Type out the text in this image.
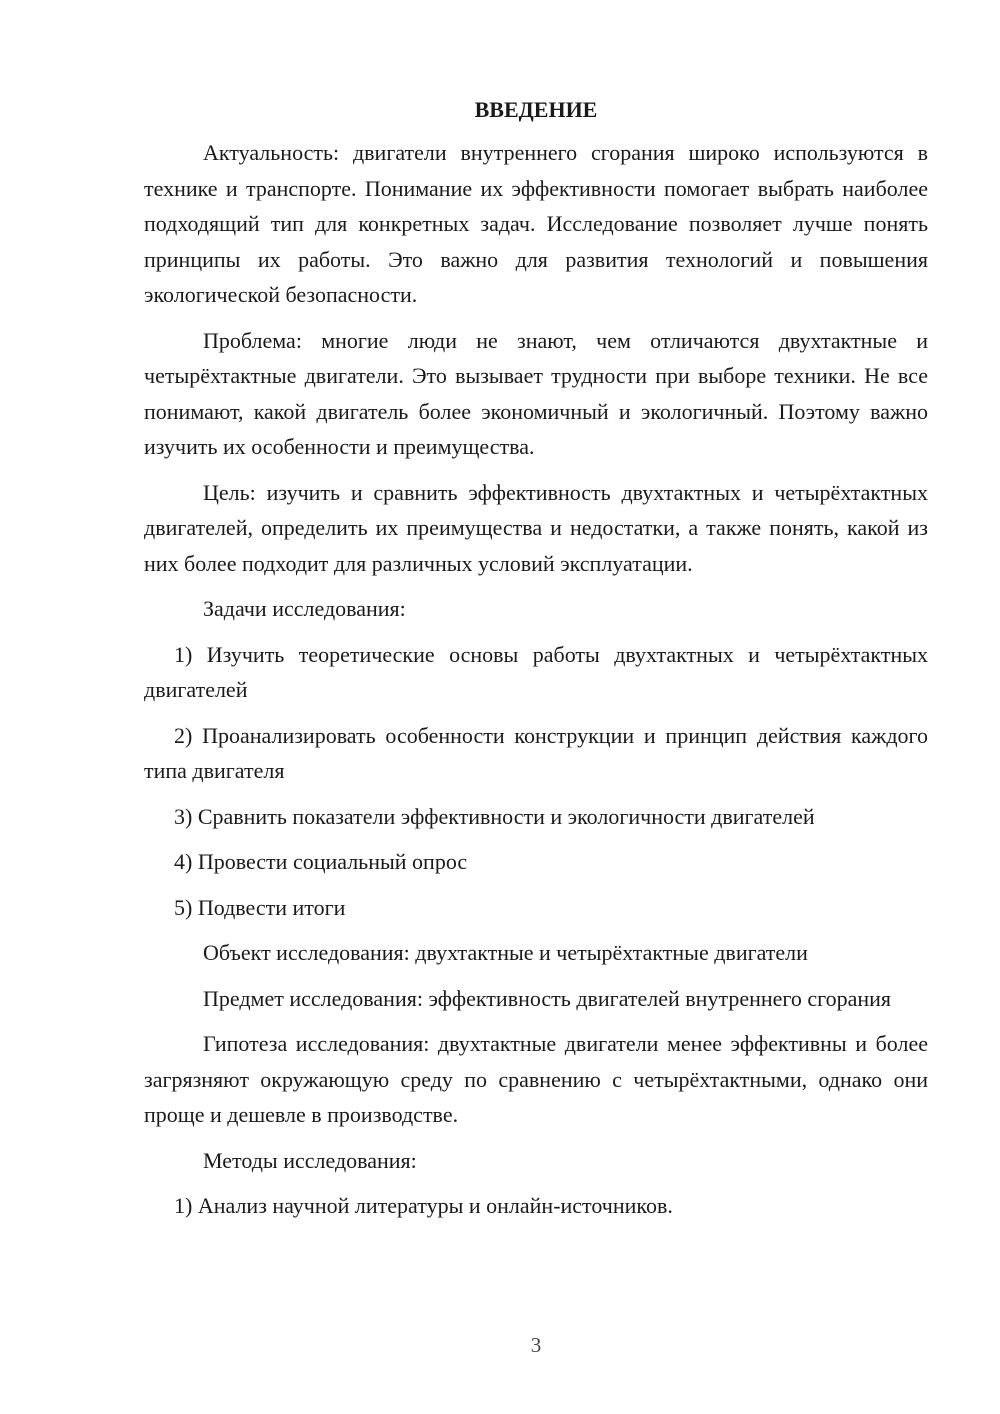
ВВЕДЕНИЕ

Актуальность: двигатели внутреннего сгорания широко используются в технике и транспорте. Понимание их эффективности помогает выбрать наиболее подходящий тип для конкретных задач. Исследование позволяет лучше понять принципы их работы. Это важно для развития технологий и повышения экологической безопасности.

Проблема: многие люди не знают, чем отличаются двухтактные и четырёхтактные двигатели. Это вызывает трудности при выборе техники. Не все понимают, какой двигатель более экономичный и экологичный. Поэтому важно изучить их особенности и преимущества.

Цель: изучить и сравнить эффективность двухтактных и четырёхтактных двигателей, определить их преимущества и недостатки, а также понять, какой из них более подходит для различных условий эксплуатации.

Задачи исследования:

1) Изучить теоретические основы работы двухтактных и четырёхтактных двигателей

2) Проанализировать особенности конструкции и принцип действия каждого типа двигателя

3) Сравнить показатели эффективности и экологичности двигателей

4) Провести социальный опрос

5) Подвести итоги

Объект исследования: двухтактные и четырёхтактные двигатели

Предмет исследования: эффективность двигателей внутреннего сгорания

Гипотеза исследования: двухтактные двигатели менее эффективны и более загрязняют окружающую среду по сравнению с четырёхтактными, однако они проще и дешевле в производстве.

Методы исследования:

1) Анализ научной литературы и онлайн-источников.

3
